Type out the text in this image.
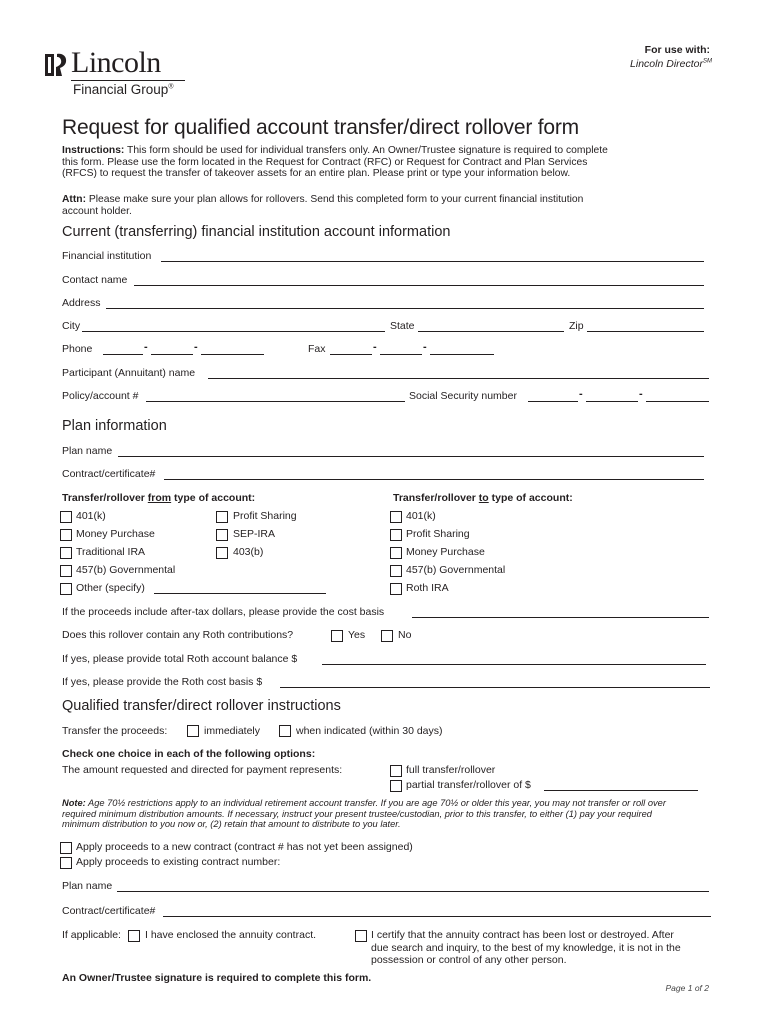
Lincoln
Financial Group®
For use with:
Lincoln Director℠
Request for qualified account transfer/direct rollover form
Instructions: This form should be used for individual transfers only. An Owner/Trustee signature is required to complete this form. Please use the form located in the Request for Contract (RFC) or Request for Contract and Plan Services (RFCS) to request the transfer of takeover assets for an entire plan. Please print or type your information below.
Attn: Please make sure your plan allows for rollovers. Send this completed form to your current financial institution account holder.
Current (transferring) financial institution account information
Financial institution
Contact name
Address
City	State	Zip
Phone	-	-	Fax	-	-
Participant (Annuitant) name
Policy/account #	Social Security number	-	-
Plan information
Plan name
Contract/certificate#
Transfer/rollover from type of account:	Transfer/rollover to type of account:
401(k)
Money Purchase
Traditional IRA
457(b) Governmental
Other (specify)
Profit Sharing
SEP-IRA
403(b)
401(k)
Profit Sharing
Money Purchase
457(b) Governmental
Roth IRA
If the proceeds include after-tax dollars, please provide the cost basis
Does this rollover contain any Roth contributions?	Yes	No
If yes, please provide total Roth account balance $
If yes, please provide the Roth cost basis $
Qualified transfer/direct rollover instructions
Transfer the proceeds:	immediately	when indicated (within 30 days)
Check one choice in each of the following options:
The amount requested and directed for payment represents:	full transfer/rollover
partial transfer/rollover of $
Note: Age 70½ restrictions apply to an individual retirement account transfer. If you are age 70½ or older this year, you may not transfer or roll over required minimum distribution amounts. If necessary, instruct your present trustee/custodian, prior to this transfer, to either (1) pay your required minimum distribution to you now or, (2) retain that amount to distribute to you later.
Apply proceeds to a new contract (contract # has not yet been assigned)
Apply proceeds to existing contract number:
Plan name
Contract/certificate#
If applicable: I have enclosed the annuity contract.	I certify that the annuity contract has been lost or destroyed. After due search and inquiry, to the best of my knowledge, it is not in the possession or control of any other person.
An Owner/Trustee signature is required to complete this form.
Page 1 of 2
